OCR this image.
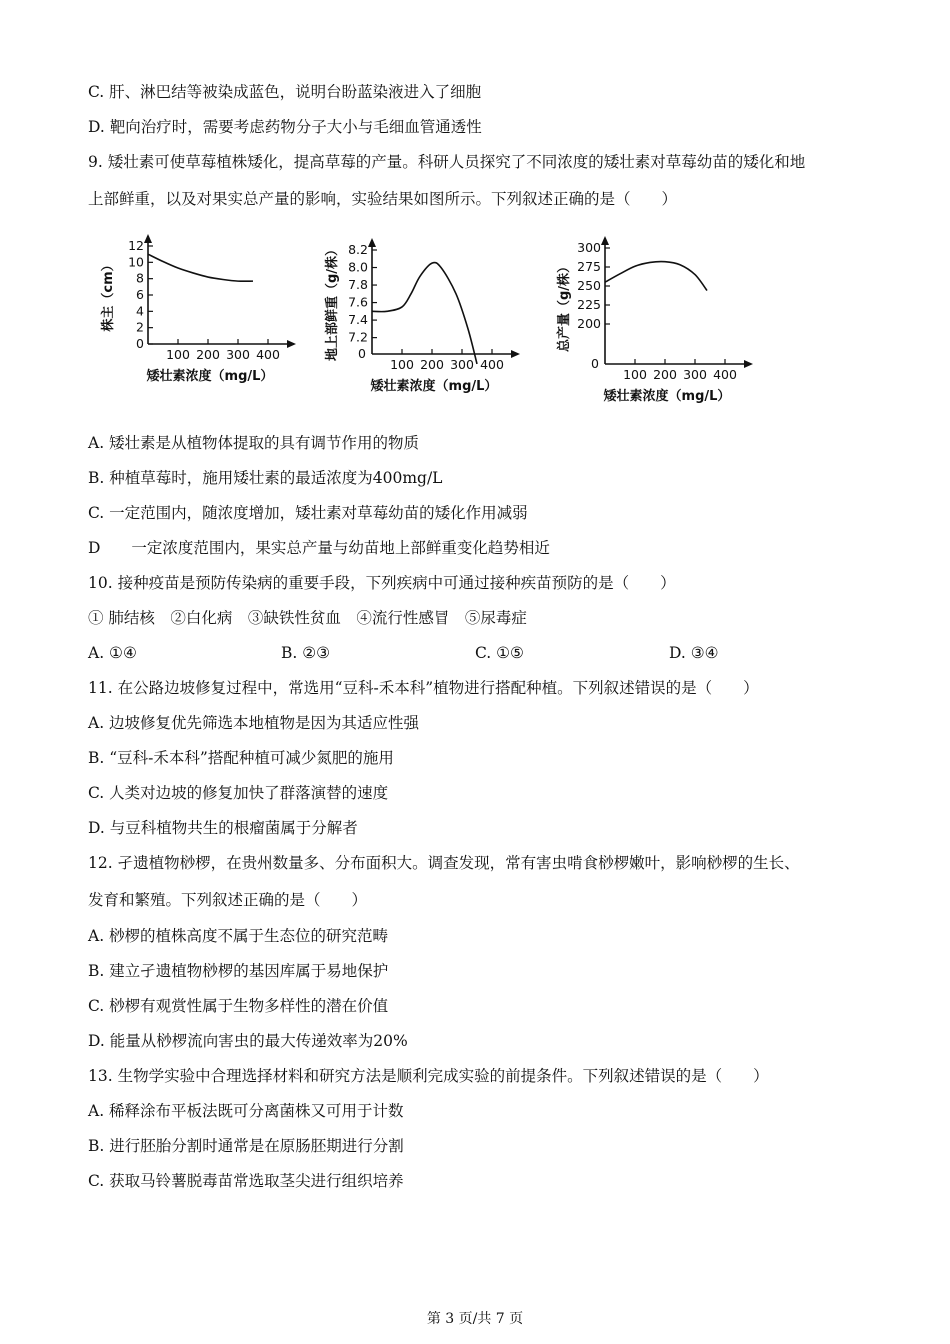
C. 肝、淋巴结等被染成蓝色，说明台盼蓝染液进入了细胞
D. 靶向治疗时，需要考虑药物分子大小与毛细血管通透性
9. 矮壮素可使草莓植株矮化，提高草莓的产量。科研人员探究了不同浓度的矮壮素对草莓幼苗的矮化和地
上部鲜重，以及对果实总产量的影响，实验结果如图所示。下列叙述正确的是（　　）
0
2
4
6
8
10
12
100 200 300 400
矮壮素浓度（mg/L）
株主（cm）
7.2
7.4
7.6
7.8
8.0
8.2
0
100 200 300 400
矮壮素浓度（mg/L）
地上部鲜重（g/株）	200
225
250
275
300
0
100 200 300 400
矮壮素浓度（mg/L）
总产量（g/株）
A. 矮壮素是从植物体提取的具有调节作用的物质
B. 种植草莓时，施用矮壮素的最适浓度为400mg/L
C. 一定范围内，随浓度增加，矮壮素对草莓幼苗的矮化作用减弱
D　　一定浓度范围内，果实总产量与幼苗地上部鲜重变化趋势相近
10. 接种疫苗是预防传染病的重要手段，下列疾病中可通过接种疾苗预防的是（　　）
① 肺结核　②白化病　③缺铁性贫血　④流行性感冒　⑤尿毒症
A. ①④	B. ②③	C. ①⑤	D. ③④
11. 在公路边坡修复过程中，常选用“豆科-禾本科”植物进行搭配种植。下列叙述错误的是（　　）
A. 边坡修复优先筛选本地植物是因为其适应性强
B. “豆科-禾本科”搭配种植可减少氮肥的施用
C. 人类对边坡的修复加快了群落演替的速度
D. 与豆科植物共生的根瘤菌属于分解者
12. 孑遗植物桫椤，在贵州数量多、分布面积大。调查发现，常有害虫啃食桫椤嫩叶，影响桫椤的生长、
发育和繁殖。下列叙述正确的是（　　）
A. 桫椤的植株高度不属于生态位的研究范畴
B. 建立孑遗植物桫椤的基因库属于易地保护
C. 桫椤有观赏性属于生物多样性的潜在价值
D. 能量从桫椤流向害虫的最大传递效率为20%
13. 生物学实验中合理选择材料和研究方法是顺利完成实验的前提条件。下列叙述错误的是（　　）
A. 稀释涂布平板法既可分离菌株又可用于计数
B. 进行胚胎分割时通常是在原肠胚期进行分割
C. 获取马铃薯脱毒苗常选取茎尖进行组织培养
第 3 页/共 7 页
